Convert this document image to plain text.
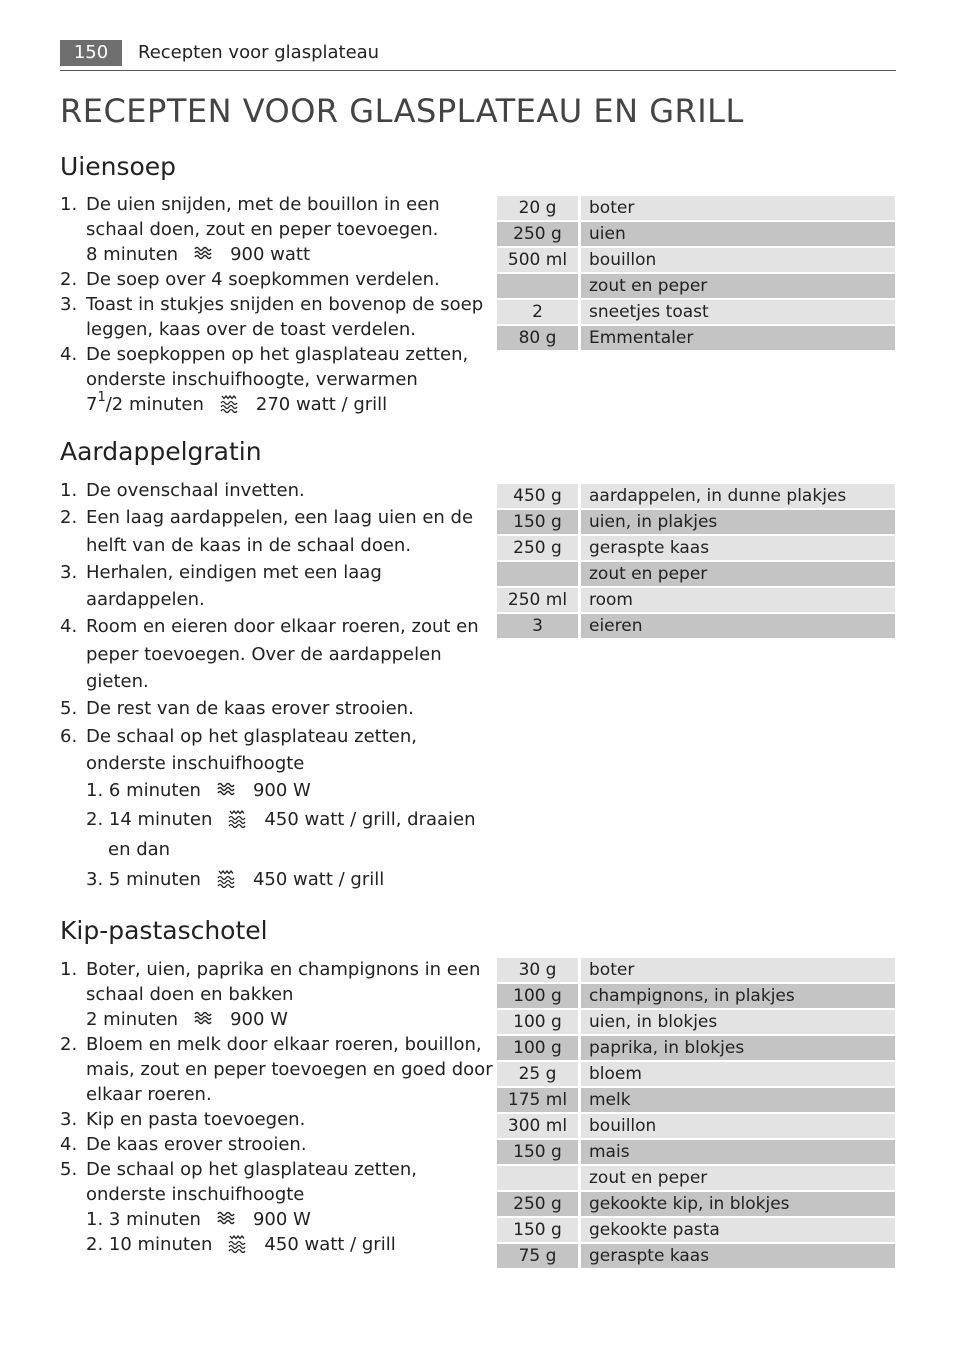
150	Recepten voor glasplateau
RECEPTEN VOOR GLASPLATEAU EN GRILL
Uiensoep
1. De uien snijden, met de bouillon in een
schaal doen, zout en peper toevoegen.
8 minuten	900 watt
2. De soep over 4 soepkommen verdelen.
3. Toast in stukjes snijden en bovenop de soep
leggen, kaas over de toast verdelen.
4. De soepkoppen op het glasplateau zetten,
onderste inschuifhoogte, verwarmen
$7^1/2$ minuten	270 watt / grill
20 g	boter
250 g	uien
500 ml	bouillon
zout en peper
2	sneetjes toast
80 g	Emmentaler
Aardappelgratin
1. De ovenschaal invetten.
2. Een laag aardappelen, een laag uien en de
helft van de kaas in de schaal doen.
3. Herhalen, eindigen met een laag
aardappelen.
4. Room en eieren door elkaar roeren, zout en
peper toevoegen. Over de aardappelen
gieten.
5. De rest van de kaas erover strooien.
6. De schaal op het glasplateau zetten,
onderste inschuifhoogte
1. 6 minuten	900 W
2. 14 minuten	450 watt / grill, draaien
en dan
3. 5 minuten	450 watt / grill
450 g	aardappelen, in dunne plakjes
150 g	uien, in plakjes
250 g	geraspte kaas
zout en peper
250 ml	room
3	eieren
Kip-pastaschotel
1. Boter, uien, paprika en champignons in een
schaal doen en bakken
2 minuten	900 W
2. Bloem en melk door elkaar roeren, bouillon,
mais, zout en peper toevoegen en goed door
elkaar roeren.
3. Kip en pasta toevoegen.
4. De kaas erover strooien.
5. De schaal op het glasplateau zetten,
onderste inschuifhoogte
1. 3 minuten	900 W
2. 10 minuten	450 watt / grill
30 g	boter
100 g	champignons, in plakjes
100 g	uien, in blokjes
100 g	paprika, in blokjes
25 g	bloem
175 ml	melk
300 ml	bouillon
150 g	mais
zout en peper
250 g	gekookte kip, in blokjes
150 g	gekookte pasta
75 g	geraspte kaas
